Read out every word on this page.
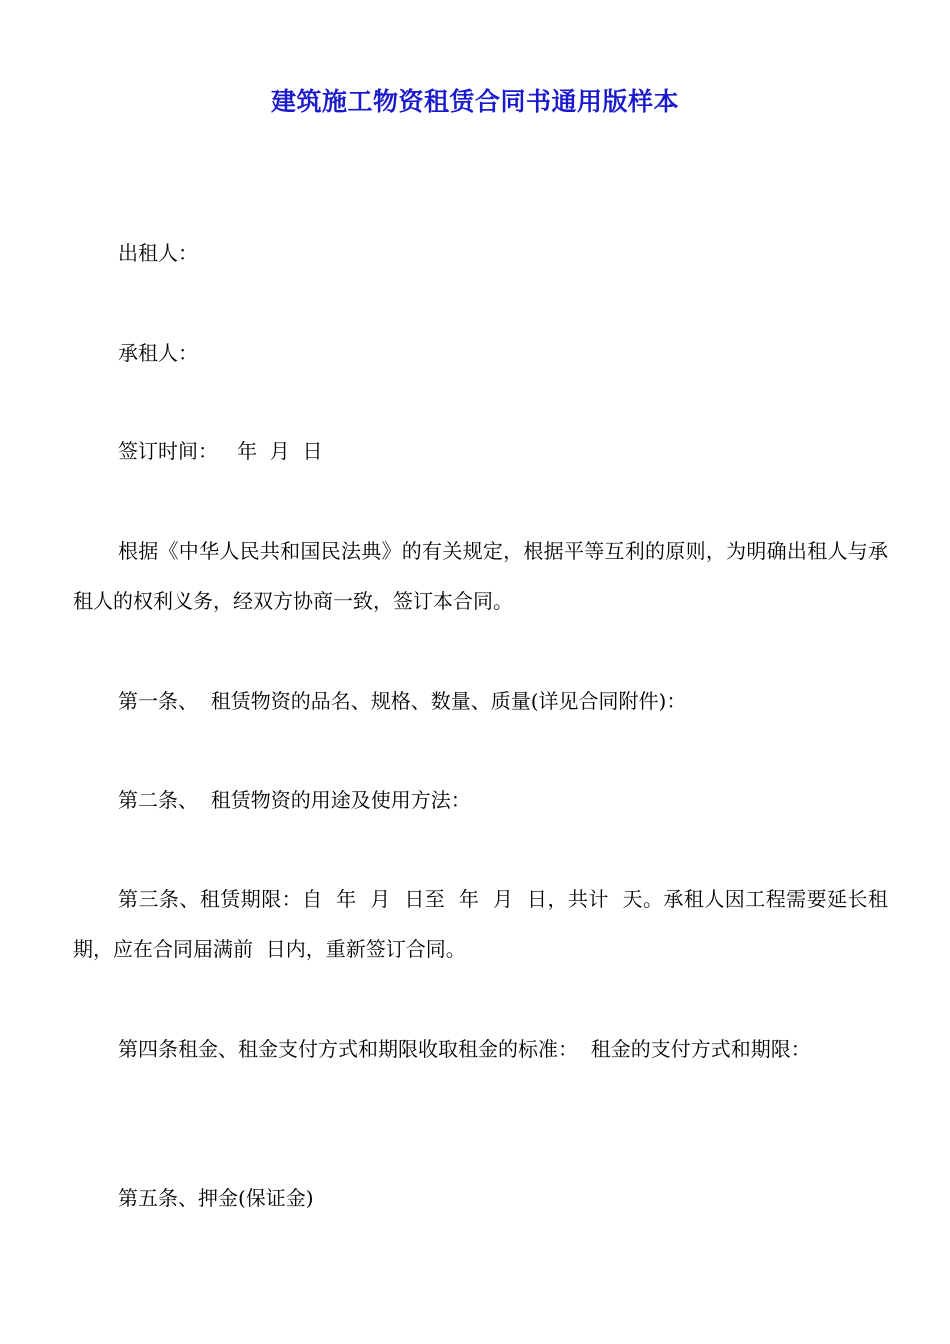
建筑施工物资租赁合同书通用版样本

出租人：

承租人：

签订时间：   年  月  日

根据《中华人民共和国民法典》的有关规定，根据平等互利的原则，为明确出租人与承租人的权利义务，经双方协商一致，签订本合同。

第一条、  租赁物资的品名、规格、数量、质量(详见合同附件)：

第二条、  租赁物资的用途及使用方法：

第三条、租赁期限：自  年  月  日至  年  月  日，共计  天。承租人因工程需要延长租期，应在合同届满前  日内，重新签订合同。

第四条租金、租金支付方式和期限收取租金的标准：  租金的支付方式和期限：

第五条、押金(保证金)
